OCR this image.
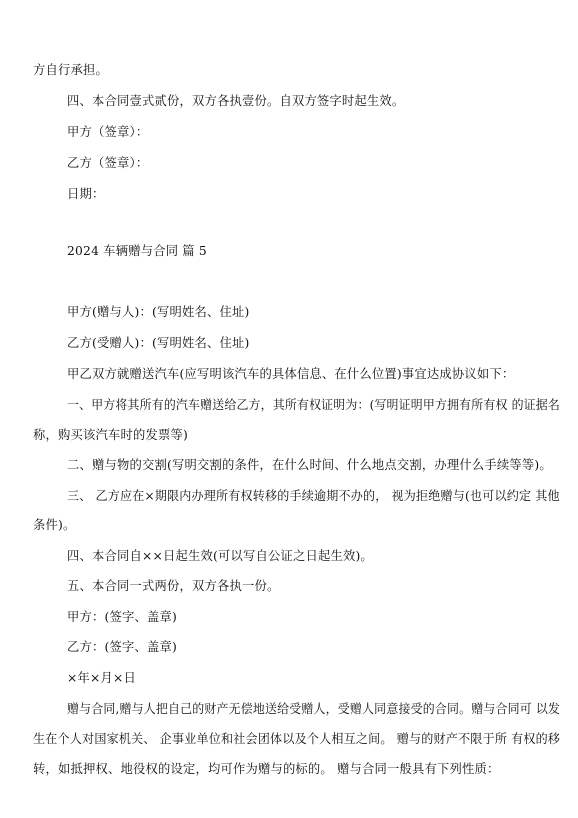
方自行承担。
四、本合同壹式贰份，双方各执壹份。自双方签字时起生效。
甲方（签章）：
乙方（签章）：
日期：
2024 车辆赠与合同 篇 5
甲方(赠与人)：(写明姓名、住址)
乙方(受赠人)：(写明姓名、住址)
甲乙双方就赠送汽车(应写明该汽车的具体信息、在什么位置)事宜达成协议如下：
一、甲方将其所有的汽车赠送给乙方，其所有权证明为：(写明证明甲方拥有所有权 的证据名
称，购买该汽车时的发票等)
二、赠与物的交割(写明交割的条件，在什么时间、什么地点交割，办理什么手续等等)。
三、 乙方应在×期限内办理所有权转移的手续逾期不办的， 视为拒绝赠与(也可以约定 其他
条件)。
四、本合同自××日起生效(可以写自公证之日起生效)。
五、本合同一式两份，双方各执一份。
甲方：(签字、盖章)
乙方：(签字、盖章)
×年×月×日
赠与合同,赠与人把自己的财产无偿地送给受赠人，受赠人同意接受的合同。赠与合同可 以发
生在个人对国家机关、 企事业单位和社会团体以及个人相互之间。 赠与的财产不限于所 有权的移
转，如抵押权、地役权的设定，均可作为赠与的标的。 赠与合同一般具有下列性质：
